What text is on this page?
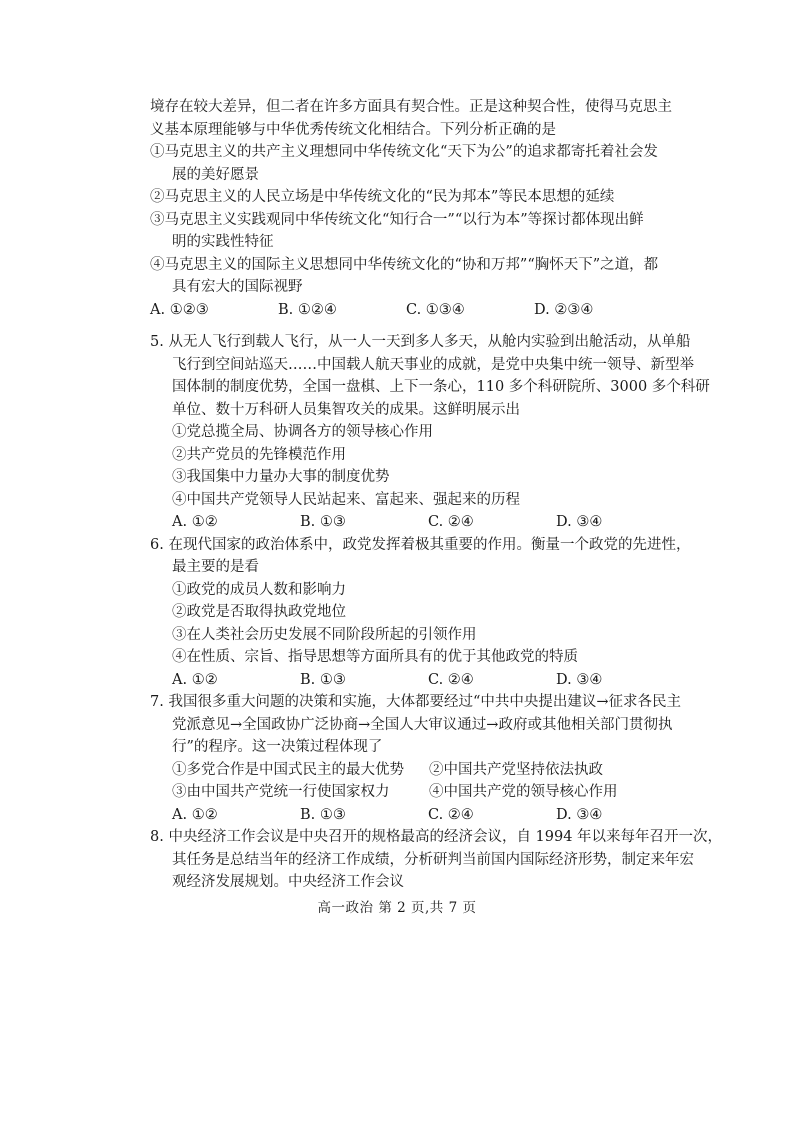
境存在较大差异，但二者在许多方面具有契合性。正是这种契合性，使得马克思主
义基本原理能够与中华优秀传统文化相结合。下列分析正确的是
①马克思主义的共产主义理想同中华传统文化“天下为公”的追求都寄托着社会发
展的美好愿景
②马克思主义的人民立场是中华传统文化的“民为邦本”等民本思想的延续
③马克思主义实践观同中华传统文化“知行合一”“以行为本”等探讨都体现出鲜
明的实践性特征
④马克思主义的国际主义思想同中华传统文化的“协和万邦”“胸怀天下”之道，都
具有宏大的国际视野
A. ①②③	B. ①②④	C. ①③④	D. ②③④
5. 从无人飞行到载人飞行，从一人一天到多人多天，从舱内实验到出舱活动，从单船
飞行到空间站巡天……中国载人航天事业的成就，是党中央集中统一领导、新型举
国体制的制度优势，全国一盘棋、上下一条心，110 多个科研院所、3000 多个科研
单位、数十万科研人员集智攻关的成果。这鲜明展示出
①党总揽全局、协调各方的领导核心作用
②共产党员的先锋模范作用
③我国集中力量办大事的制度优势
④中国共产党领导人民站起来、富起来、强起来的历程
A. ①②	B. ①③	C. ②④	D. ③④
6. 在现代国家的政治体系中，政党发挥着极其重要的作用。衡量一个政党的先进性，
最主要的是看
①政党的成员人数和影响力
②政党是否取得执政党地位
③在人类社会历史发展不同阶段所起的引领作用
④在性质、宗旨、指导思想等方面所具有的优于其他政党的特质
A. ①②	B. ①③	C. ②④	D. ③④
7. 我国很多重大问题的决策和实施，大体都要经过“中共中央提出建议→征求各民主
党派意见→全国政协广泛协商→全国人大审议通过→政府或其他相关部门贯彻执
行”的程序。这一决策过程体现了
①多党合作是中国式民主的最大优势	②中国共产党坚持依法执政
③由中国共产党统一行使国家权力	④中国共产党的领导核心作用
A. ①②	B. ①③	C. ②④	D. ③④
8. 中央经济工作会议是中央召开的规格最高的经济会议，自 1994 年以来每年召开一次，
其任务是总结当年的经济工作成绩，分析研判当前国内国际经济形势，制定来年宏
观经济发展规划。中央经济工作会议
高一政治 第 2 页,共 7 页
